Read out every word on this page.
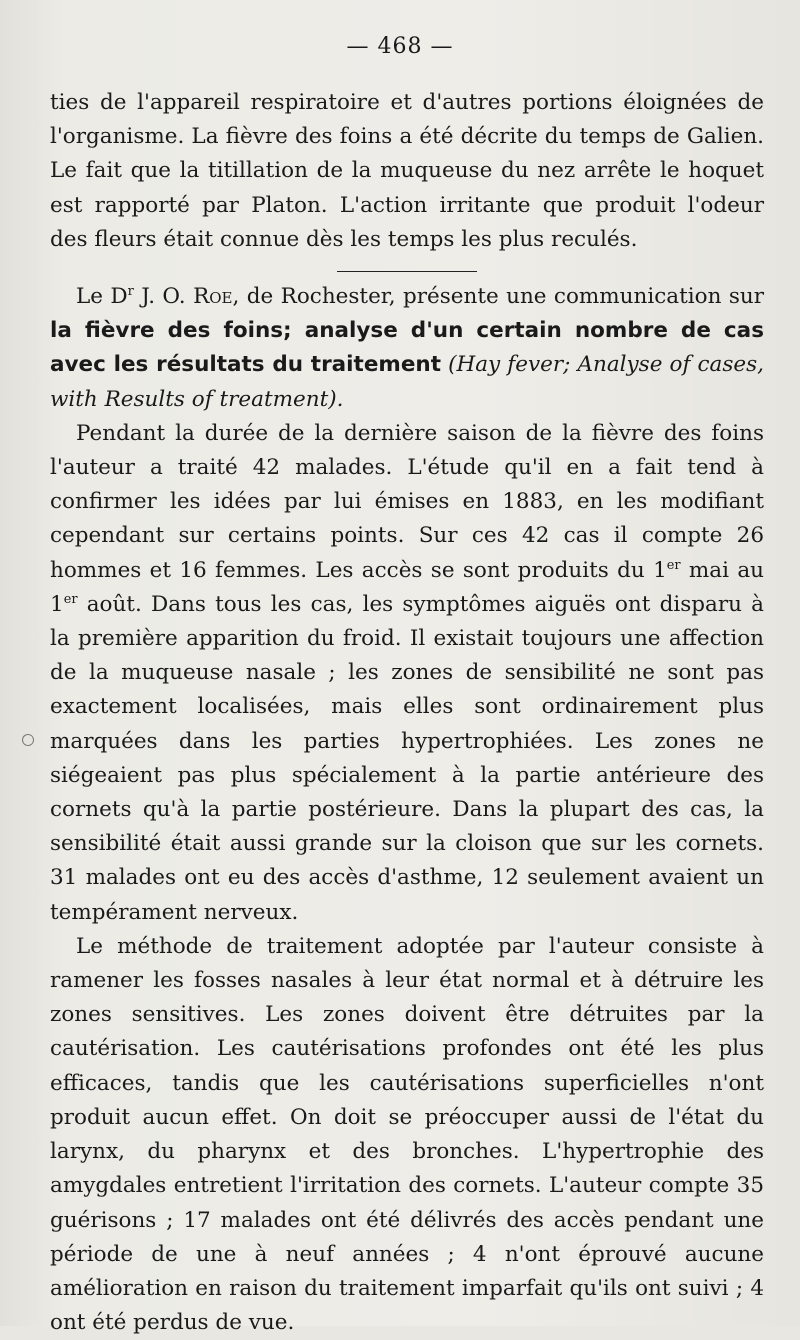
— 468 —

ties de l'appareil respiratoire et d'autres portions éloignées de l'organisme. La fièvre des foins a été décrite du temps de Galien. Le fait que la titillation de la muqueuse du nez arrête le hoquet est rapporté par Platon. L'action irritante que produit l'odeur des fleurs était connue dès les temps les plus reculés.

Le $D^r$ J. O. Roe, de Rochester, présente une communication sur la fièvre des foins; analyse d'un certain nombre de cas avec les résultats du traitement (Hay fever; Analyse of cases, with Results of treatment).

Pendant la durée de la dernière saison de la fièvre des foins l'auteur a traité 42 malades. L'étude qu'il en a fait tend à confirmer les idées par lui émises en 1883, en les modifiant cependant sur certains points. Sur ces 42 cas il compte 26 hommes et 16 femmes. Les accès se sont produits du 1er mai au 1er août. Dans tous les cas, les symptômes aiguës ont disparu à la première apparition du froid. Il existait toujours une affection de la muqueuse nasale ; les zones de sensibilité ne sont pas exactement localisées, mais elles sont ordinairement plus marquées dans les parties hypertrophiées. Les zones ne siégeaient pas plus spécialement à la partie antérieure des cornets qu'à la partie postérieure. Dans la plupart des cas, la sensibilité était aussi grande sur la cloison que sur les cornets. 31 malades ont eu des accès d'asthme, 12 seulement avaient un tempérament nerveux.

Le méthode de traitement adoptée par l'auteur consiste à ramener les fosses nasales à leur état normal et à détruire les zones sensitives. Les zones doivent être détruites par la cautérisation. Les cautérisations profondes ont été les plus efficaces, tandis que les cautérisations superficielles n'ont produit aucun effet. On doit se préoccuper aussi de l'état du larynx, du pharynx et des bronches. L'hypertrophie des amygdales entretient l'irritation des cornets. L'auteur compte 35 guérisons ; 17 malades ont été délivrés des accès pendant une période de une à neuf années ; 4 n'ont éprouvé aucune amélioration en raison du traitement imparfait qu'ils ont suivi ; 4 ont été perdus de vue.
